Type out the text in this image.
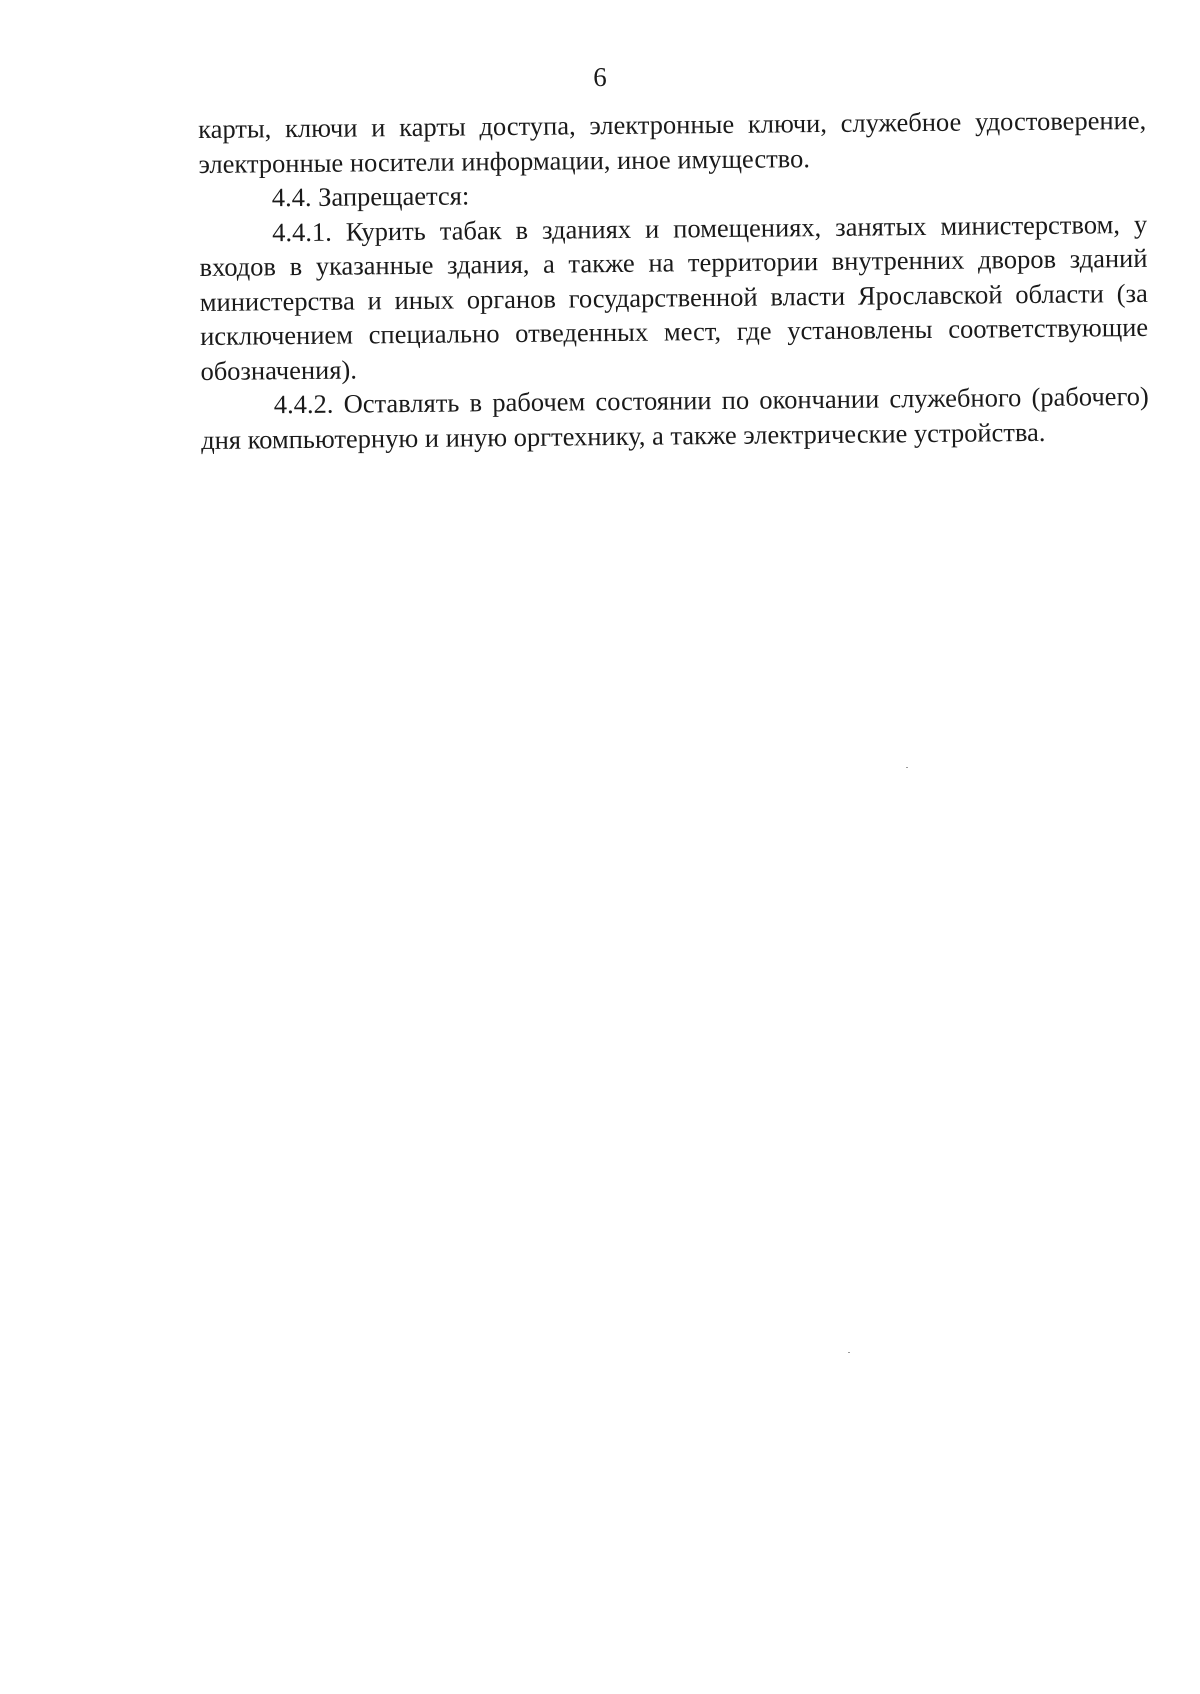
6

карты, ключи и карты доступа, электронные ключи, служебное удостоверение, электронные носители информации, иное имущество.

4.4. Запрещается:

4.4.1. Курить табак в зданиях и помещениях, занятых министерством, у входов в указанные здания, а также на территории внутренних дворов зданий министерства и иных органов государственной власти Ярославской области (за исключением специально отведенных мест, где установлены соответствующие обозначения).

4.4.2. Оставлять в рабочем состоянии по окончании служебного (рабочего) дня компьютерную и иную оргтехнику, а также электрические устройства.
